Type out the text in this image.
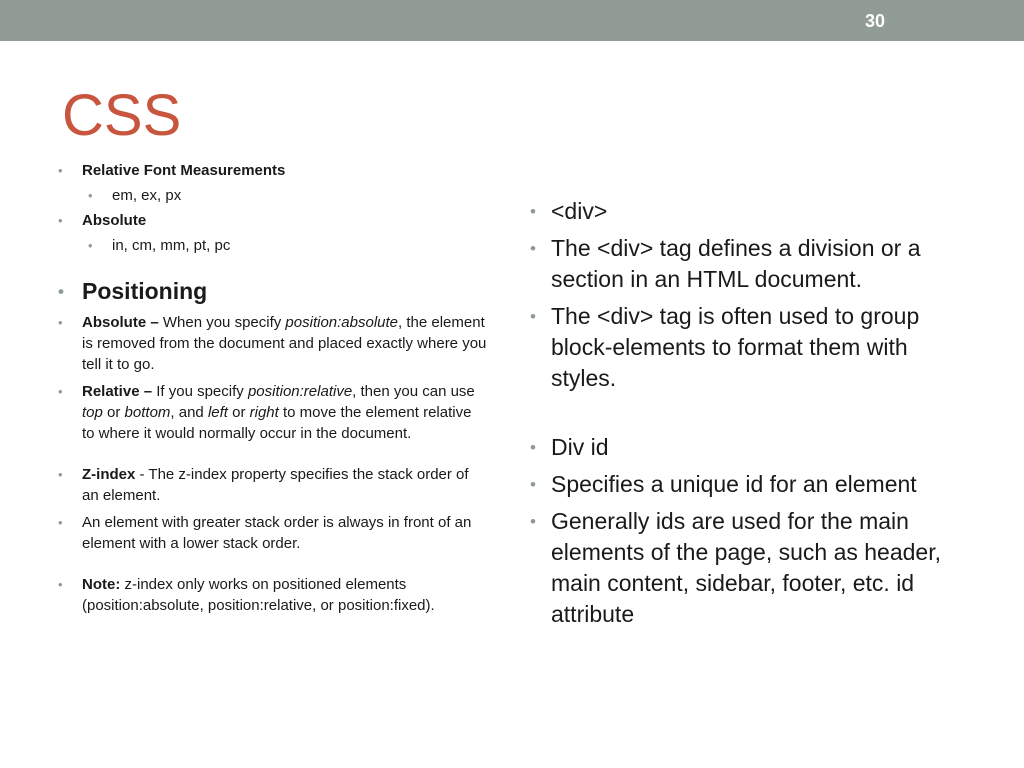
30
CSS
• Relative Font Measurements
• em, ex, px
• Absolute
• in, cm, mm, pt, pc
• Positioning
• Absolute – When you specify position:absolute, the element is removed from the document and placed exactly where you tell it to go.
• Relative – If you specify position:relative, then you can use top or bottom, and left or right to move the element relative to where it would normally occur in the document.
• Z-index - The z-index property specifies the stack order of an element.
• An element with greater stack order is always in front of an element with a lower stack order.
• Note: z-index only works on positioned elements (position:absolute, position:relative, or position:fixed).
• <div>
• The <div> tag defines a division or a section in an HTML document.
• The <div> tag is often used to group block-elements to format them with styles.
• Div id
• Specifies a unique id for an element
• Generally ids are used for the main elements of the page, such as header, main content, sidebar, footer, etc. id attribute
